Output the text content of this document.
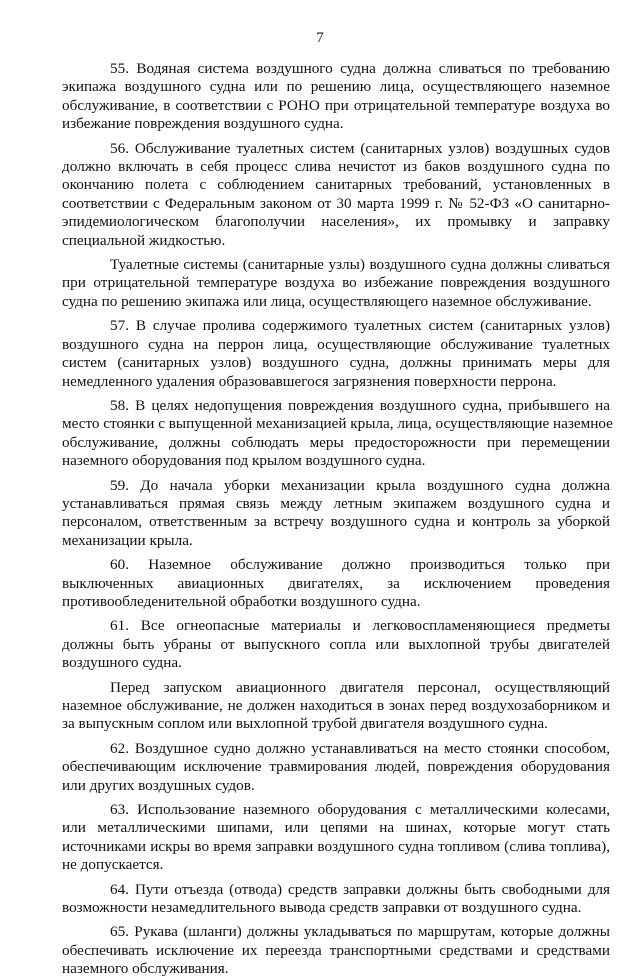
7

55. Водяная система воздушного судна должна сливаться по требованию
экипажа воздушного судна или по решению лица, осуществляющего наземное
обслуживание, в соответствии с РОНО при отрицательной температуре воздуха во
избежание повреждения воздушного судна.

56. Обслуживание туалетных систем (санитарных узлов) воздушных судов
должно включать в себя процесс слива нечистот из баков воздушного судна по
окончанию полета с соблюдением санитарных требований, установленных в
соответствии с Федеральным законом от 30 марта 1999 г. № 52-ФЗ «О санитарно-
эпидемиологическом благополучии населения», их промывку и заправку
специальной жидкостью.

Туалетные системы (санитарные узлы) воздушного судна должны сливаться
при отрицательной температуре воздуха во избежание повреждения воздушного
судна по решению экипажа или лица, осуществляющего наземное обслуживание.

57. В случае пролива содержимого туалетных систем (санитарных узлов)
воздушного судна на перрон лица, осуществляющие обслуживание туалетных
систем (санитарных узлов) воздушного судна, должны принимать меры для
немедленного удаления образовавшегося загрязнения поверхности перрона.

58. В целях недопущения повреждения воздушного судна, прибывшего на
место стоянки с выпущенной механизацией крыла, лица, осуществляющие наземное
обслуживание, должны соблюдать меры предосторожности при перемещении
наземного оборудования под крылом воздушного судна.

59. До начала уборки механизации крыла воздушного судна должна
устанавливаться прямая связь между летным экипажем воздушного судна и
персоналом, ответственным за встречу воздушного судна и контроль за уборкой
механизации крыла.

60. Наземное обслуживание должно производиться только при
выключенных авиационных двигателях, за исключением проведения
противообледенительной обработки воздушного судна.

61. Все огнеопасные материалы и легковоспламеняющиеся предметы
должны быть убраны от выпускного сопла или выхлопной трубы двигателей
воздушного судна.

Перед запуском авиационного двигателя персонал, осуществляющий
наземное обслуживание, не должен находиться в зонах перед воздухозаборником и
за выпускным соплом или выхлопной трубой двигателя воздушного судна.

62. Воздушное судно должно устанавливаться на место стоянки способом,
обеспечивающим исключение травмирования людей, повреждения оборудования
или других воздушных судов.

63. Использование наземного оборудования с металлическими колесами,
или металлическими шипами, или цепями на шинах, которые могут стать
источниками искры во время заправки воздушного судна топливом (слива топлива),
не допускается.

64. Пути отъезда (отвода) средств заправки должны быть свободными для
возможности незамедлительного вывода средств заправки от воздушного судна.

65. Рукава (шланги) должны укладываться по маршрутам, которые должны
обеспечивать исключение их переезда транспортными средствами и средствами
наземного обслуживания.
